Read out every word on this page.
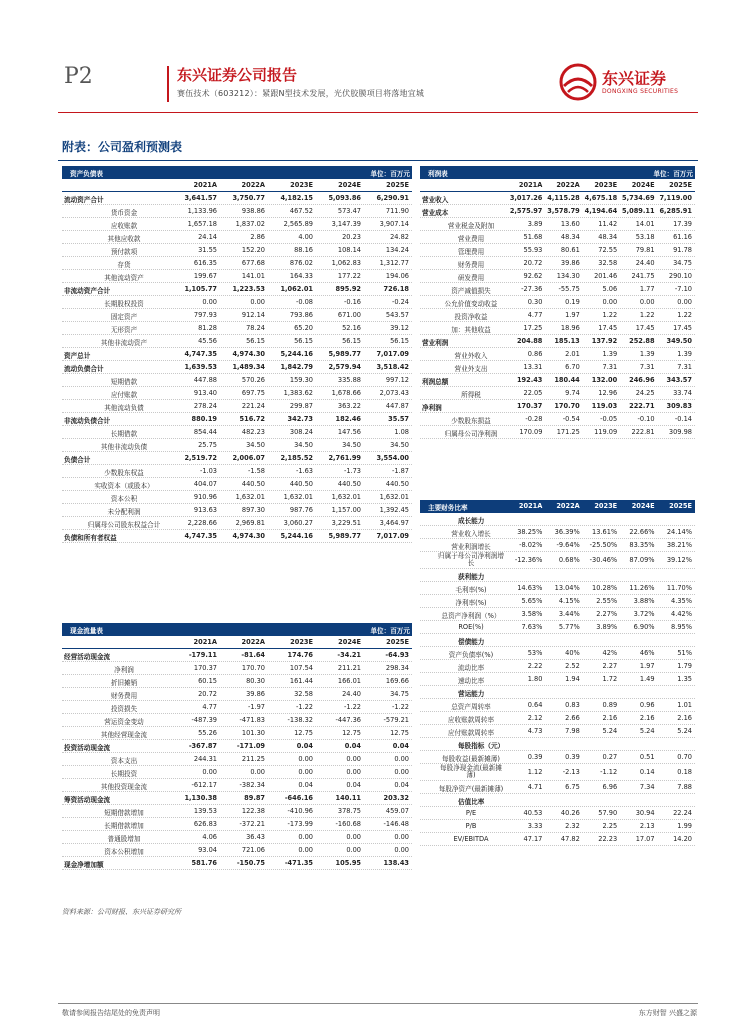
P2	东兴证券公司报告
赛伍技术（603212）：紧跟N型技术发展，光伏胶膜项目将落地宜城
东兴证券
DONGXING SECURITIES
附表：公司盈利预测表
资产负债表	单位：百万元
2021A	2022A	2023E	2024E	2025E
流动资产合计	3,641.57	3,750.77	4,182.15	5,093.86	6,290.91
货币资金	1,133.96	938.86	467.52	573.47	711.90
应收账款	1,657.18	1,837.02	2,565.89	3,147.39	3,907.14
其他应收款	24.14	2.86	4.00	20.23	24.82
预付款项	31.55	152.20	88.16	108.14	134.24
存货	616.35	677.68	876.02	1,062.83	1,312.77
其他流动资产	199.67	141.01	164.33	177.22	194.06
非流动资产合计	1,105.77	1,223.53	1,062.01	895.92	726.18
长期股权投资	0.00	0.00	-0.08	-0.16	-0.24
固定资产	797.93	912.14	793.86	671.00	543.57
无形资产	81.28	78.24	65.20	52.16	39.12
其他非流动资产	45.56	56.15	56.15	56.15	56.15
资产总计	4,747.35	4,974.30	5,244.16	5,989.77	7,017.09
流动负债合计	1,639.53	1,489.34	1,842.79	2,579.94	3,518.42
短期借款	447.88	570.26	159.30	335.88	997.12
应付账款	913.40	697.75	1,383.62	1,678.66	2,073.43
其他流动负债	278.24	221.24	299.87	363.22	447.87
非流动负债合计	880.19	516.72	342.73	182.46	35.57
长期借款	854.44	482.23	308.24	147.56	1.08
其他非流动负债	25.75	34.50	34.50	34.50	34.50
负债合计	2,519.72	2,006.07	2,185.52	2,761.99	3,554.00
少数股东权益	-1.03	-1.58	-1.63	-1.73	-1.87
实收资本（或股本）	404.07	440.50	440.50	440.50	440.50
资本公积	910.96	1,632.01	1,632.01	1,632.01	1,632.01
未分配利润	913.63	897.30	987.76	1,157.00	1,392.45
归属母公司股东权益合计	2,228.66	2,969.81	3,060.27	3,229.51	3,464.97
负债和所有者权益	4,747.35	4,974.30	5,244.16	5,989.77	7,017.09
利润表	单位：百万元
2021A	2022A	2023E	2024E	2025E
营业收入	3,017.26 4,115.28 4,675.18 5,734.69 7,119.00
营业成本	2,575.97 3,578.79 4,194.64 5,089.11 6,285.91
营业税金及附加	3.89	13.60	11.42	14.01	17.39
营业费用	51.68	48.34	48.34	53.18	61.16
管理费用	55.93	80.61	72.55	79.81	91.78
财务费用	20.72	39.86	32.58	24.40	34.75
研发费用	92.62	134.30	201.46	241.75	290.10
资产减值损失	-27.36	-55.75	5.06	1.77	-7.10
公允价值变动收益	0.30	0.19	0.00	0.00	0.00
投资净收益	4.77	1.97	1.22	1.22	1.22
加：其他收益	17.25	18.96	17.45	17.45	17.45
营业利润	204.88	185.13	137.92	252.88	349.50
营业外收入	0.86	2.01	1.39	1.39	1.39
营业外支出	13.31	6.70	7.31	7.31	7.31
利润总额	192.43	180.44	132.00	246.96	343.57
所得税	22.05	9.74	12.96	24.25	33.74
净利润	170.37	170.70	119.03	222.71	309.83
少数股东损益	-0.28	-0.54	-0.05	-0.10	-0.14
归属母公司净利润	170.09	171.25	119.09	222.81	309.98
现金流量表	单位：百万元
2021A	2022A	2023E	2024E	2025E
经营活动现金流	-179.11	-81.64	174.76	-34.21	-64.93
净利润	170.37	170.70	107.54	211.21	298.34
折旧摊销	60.15	80.30	161.44	166.01	169.66
财务费用	20.72	39.86	32.58	24.40	34.75
投资损失	4.77	-1.97	-1.22	-1.22	-1.22
营运资金变动	-487.39	-471.83	-138.32	-447.36	-579.21
其他经营现金流	55.26	101.30	12.75	12.75	12.75
投资活动现金流	-367.87	-171.09	0.04	0.04	0.04
资本支出	244.31	211.25	0.00	0.00	0.00
长期投资	0.00	0.00	0.00	0.00	0.00
其他投资现金流	-612.17	-382.34	0.04	0.04	0.04
筹资活动现金流	1,130.38	89.87	-646.16	140.11	203.32
短期借款增加	139.53	122.38	-410.96	378.75	459.07
长期借款增加	626.83	-372.21	-173.99	-160.68	-146.48
普通股增加	4.06	36.43	0.00	0.00	0.00
资本公积增加	93.04	721.06	0.00	0.00	0.00
现金净增加额	581.76	-150.75	-471.35	105.95	138.43
主要财务比率	2021A	2022A	2023E	2024E	2025E
成长能力
营业收入增长	38.25%	36.39%	13.61%	22.66%	24.14%
营业利润增长	-8.02%	-9.64%	-25.50%	83.35%	38.21%
归属于母公司净利润增长	-12.36%	0.68%	-30.46%	87.09%	39.12%
获利能力
毛利率(%)	14.63%	13.04%	10.28%	11.26%	11.70%
净利率(%)	5.65%	4.15%	2.55%	3.88%	4.35%
总资产净利润（%）	3.58%	3.44%	2.27%	3.72%	4.42%
ROE(%)	7.63%	5.77%	3.89%	6.90%	8.95%
偿债能力
资产负债率(%)	53%	40%	42%	46%	51%
流动比率	2.22	2.52	2.27	1.97	1.79
速动比率	1.80	1.94	1.72	1.49	1.35
营运能力
总资产周转率	0.64	0.83	0.89	0.96	1.01
应收账款周转率	2.12	2.66	2.16	2.16	2.16
应付账款周转率	4.73	7.98	5.24	5.24	5.24
每股指标（元）
每股收益(最新摊薄)	0.39	0.39	0.27	0.51	0.70
每股净现金流(最新摊薄)	1.12	-2.13	-1.12	0.14	0.18
每股净资产(最新摊薄)	4.71	6.75	6.96	7.34	7.88
估值比率
P/E	40.53	40.26	57.90	30.94	22.24
P/B	3.33	2.32	2.25	2.13	1.99
EV/EBITDA	47.17	47.82	22.23	17.07	14.20
资料来源：公司财报、东兴证券研究所
敬请参阅报告结尾处的免责声明	东方财智 兴盛之源
